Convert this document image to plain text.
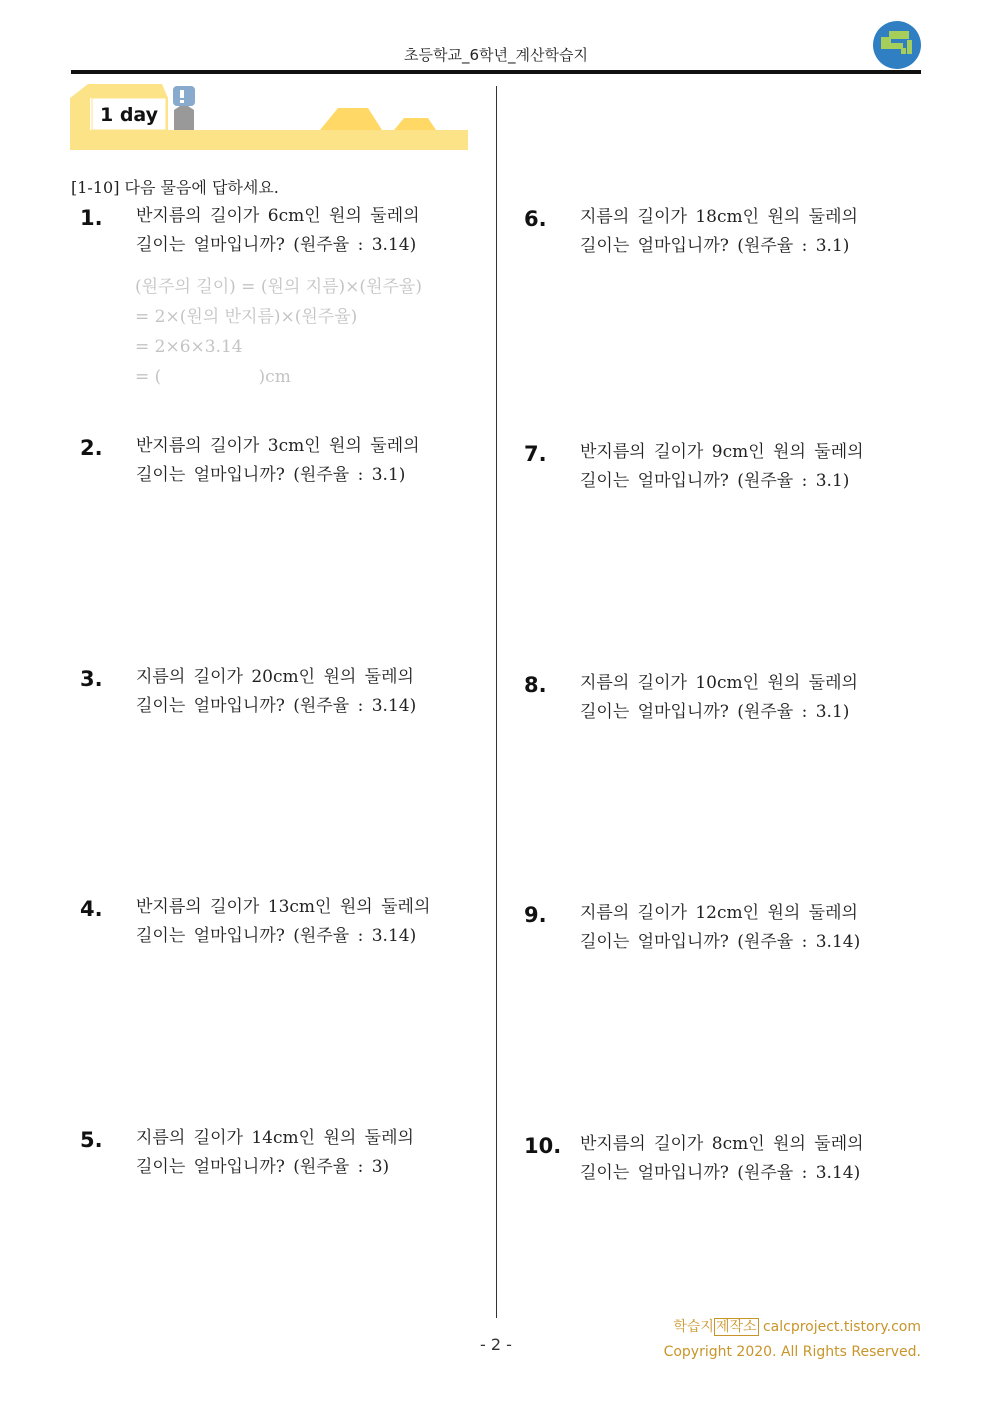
초등학교_6학년_계산학습지
1 day
[1-10] 다음 물음에 답하세요.
1. 반지름의 길이가 6cm인 원의 둘레의
길이는 얼마입니까? (원주율 : 3.14)
(원주의 길이) = (원의 지름)×(원주율)
= 2×(원의 반지름)×(원주율)
= 2×6×3.14
= (                  )cm
2. 반지름의 길이가 3cm인 원의 둘레의
길이는 얼마입니까? (원주율 : 3.1)
3. 지름의 길이가 20cm인 원의 둘레의
길이는 얼마입니까? (원주율 : 3.14)
4. 반지름의 길이가 13cm인 원의 둘레의
길이는 얼마입니까? (원주율 : 3.14)
5. 지름의 길이가 14cm인 원의 둘레의
길이는 얼마입니까? (원주율 : 3)
6. 지름의 길이가 18cm인 원의 둘레의
길이는 얼마입니까? (원주율 : 3.1)
7. 반지름의 길이가 9cm인 원의 둘레의
길이는 얼마입니까? (원주율 : 3.1)
8. 지름의 길이가 10cm인 원의 둘레의
길이는 얼마입니까? (원주율 : 3.1)
9. 지름의 길이가 12cm인 원의 둘레의
길이는 얼마입니까? (원주율 : 3.14)
10. 반지름의 길이가 8cm인 원의 둘레의
길이는 얼마입니까? (원주율 : 3.14)
학습지 제작소 calcproject.tistory.com
Copyright 2020. All Rights Reserved.
- 2 -
